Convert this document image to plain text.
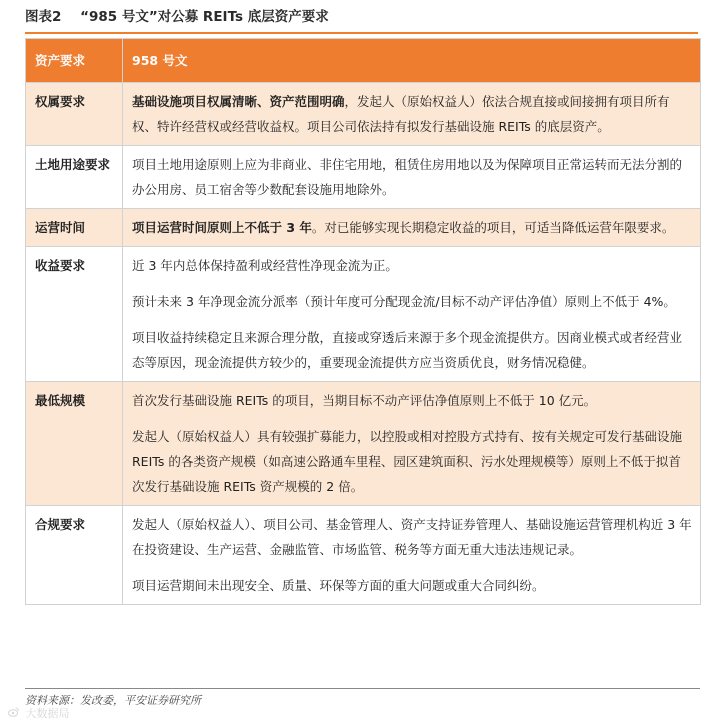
图表2 “985 号文”对公募 REITs 底层资产要求
资产要求	958 号文
权属要求	基础设施项目权属清晰、资产范围明确，发起人（原始权益人）依法合规直接或间接拥有项目所有权、特许经营权或经营收益权。项目公司依法持有拟发行基础设施 REITs 的底层资产。

土地用途要求	项目土地用途原则上应为非商业、非住宅用地，租赁住房用地以及为保障项目正常运转而无法分割的办公用房、员工宿舍等少数配套设施用地除外。

运营时间	项目运营时间原则上不低于 3 年。对已能够实现长期稳定收益的项目，可适当降低运营年限要求。

收益要求	近 3 年内总体保持盈利或经营性净现金流为正。

预计未来 3 年净现金流分派率（预计年度可分配现金流/目标不动产评估净值）原则上不低于 4%。

项目收益持续稳定且来源合理分散，直接或穿透后来源于多个现金流提供方。因商业模式或者经营业态等原因，现金流提供方较少的，重要现金流提供方应当资质优良，财务情况稳健。

最低规模	首次发行基础设施 REITs 的项目，当期目标不动产评估净值原则上不低于 10 亿元。

发起人（原始权益人）具有较强扩募能力，以控股或相对控股方式持有、按有关规定可发行基础设施 REITs 的各类资产规模（如高速公路通车里程、园区建筑面积、污水处理规模等）原则上不低于拟首次发行基础设施 REITs 资产规模的 2 倍。

合规要求	发起人（原始权益人）、项目公司、基金管理人、资产支持证券管理人、基础设施运营管理机构近 3 年在投资建设、生产运营、金融监管、市场监管、税务等方面无重大违法违规记录。

项目运营期间未出现安全、质量、环保等方面的重大问题或重大合同纠纷。

资料来源：发改委，平安证券研究所
大数据局
